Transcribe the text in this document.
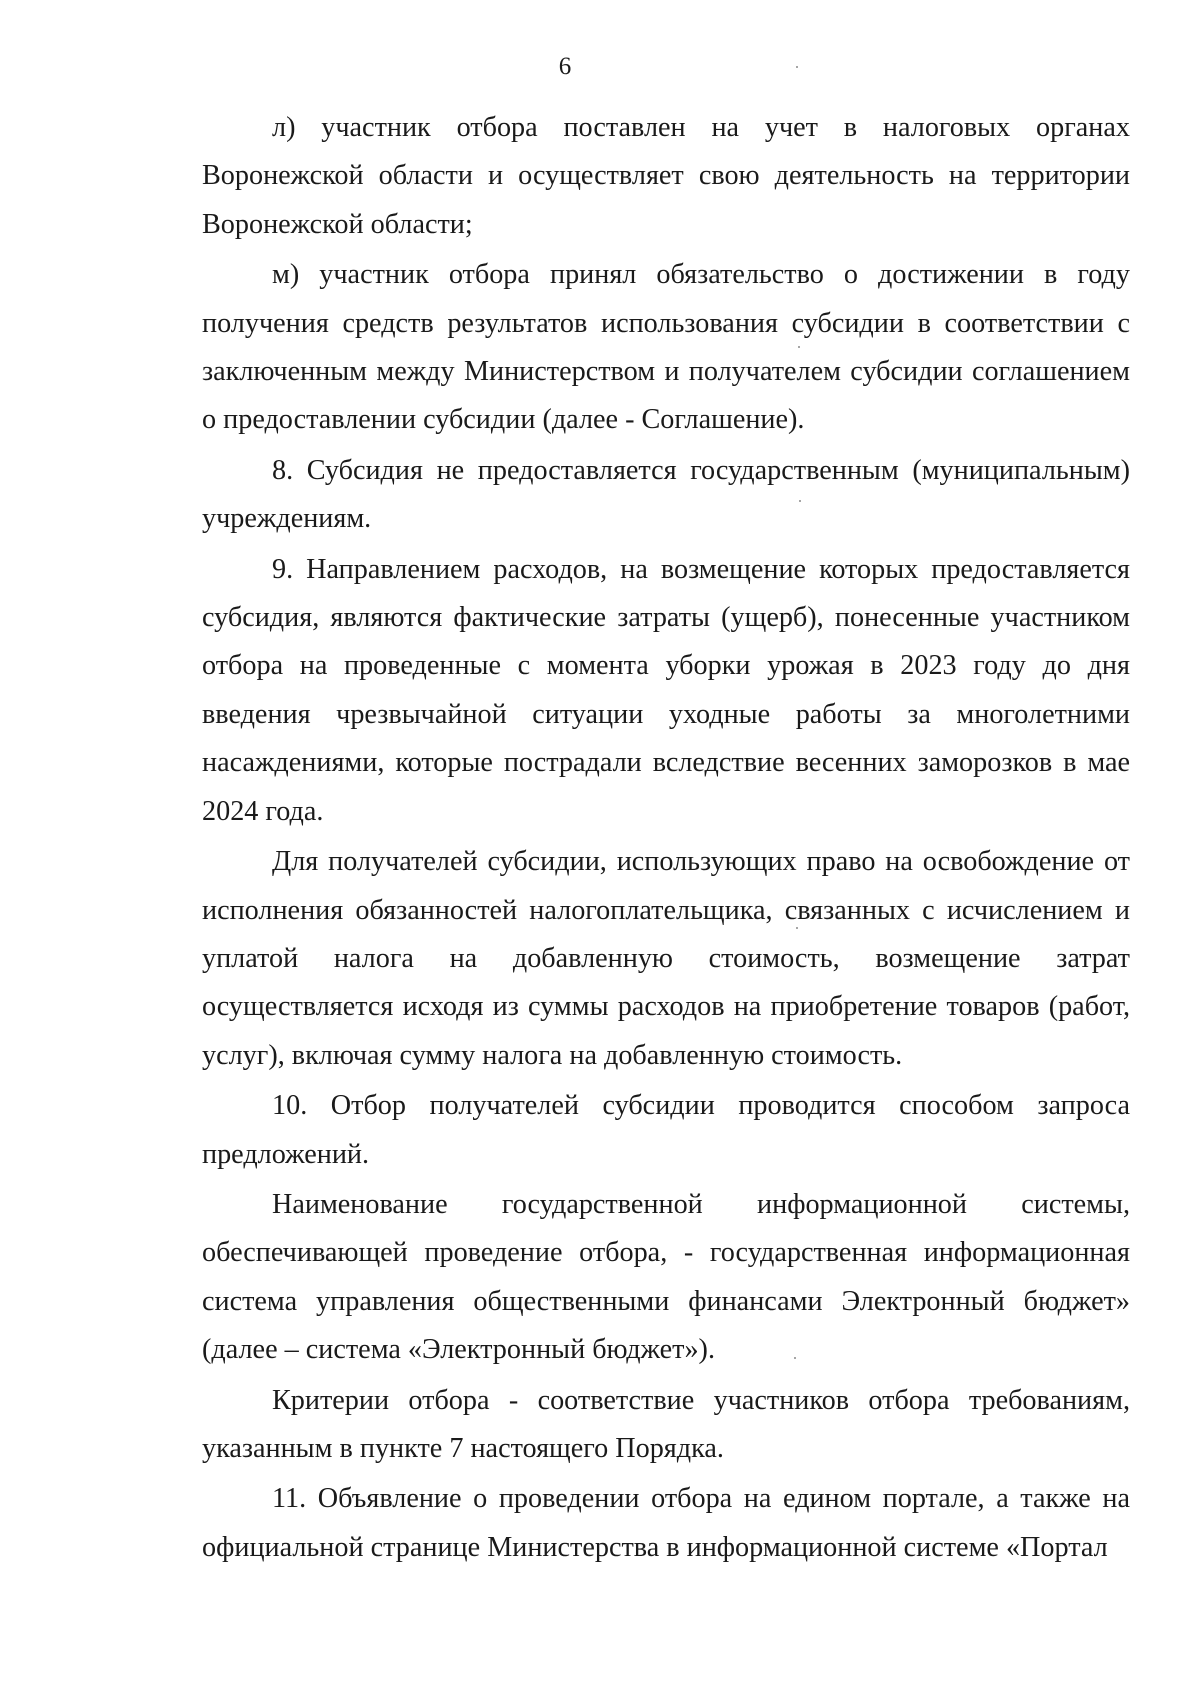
6

л) участник отбора поставлен на учет в налоговых органах Воронежской области и осуществляет свою деятельность на территории Воронежской области;

м) участник отбора принял обязательство о достижении в году получения средств результатов использования субсидии в соответствии с заключенным между Министерством и получателем субсидии соглашением о предоставлении субсидии (далее - Соглашение).

8. Субсидия не предоставляется государственным (муниципальным) учреждениям.

9. Направлением расходов, на возмещение которых предоставляется субсидия, являются фактические затраты (ущерб), понесенные участником отбора на проведенные с момента уборки урожая в 2023 году до дня введения чрезвычайной ситуации уходные работы за многолетними насаждениями, которые пострадали вследствие весенних заморозков в мае 2024 года.

Для получателей субсидии, использующих право на освобождение от исполнения обязанностей налогоплательщика, связанных с исчислением и уплатой налога на добавленную стоимость, возмещение затрат осуществляется исходя из суммы расходов на приобретение товаров (работ, услуг), включая сумму налога на добавленную стоимость.

10. Отбор получателей субсидии проводится способом запроса предложений.

Наименование государственной информационной системы, обеспечивающей проведение отбора, - государственная информационная система управления общественными финансами Электронный бюджет» (далее – система «Электронный бюджет»).

Критерии отбора - соответствие участников отбора требованиям, указанным в пункте 7 настоящего Порядка.

11. Объявление о проведении отбора на едином портале, а также на официальной странице Министерства в информационной системе «Портал
